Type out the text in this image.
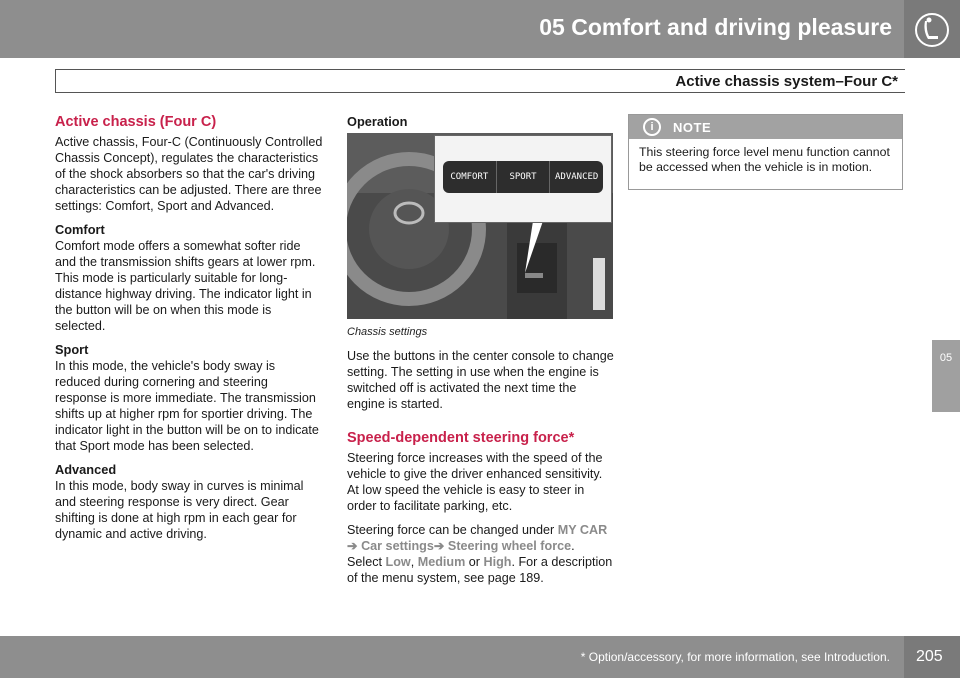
05 Comfort and driving pleasure
Active chassis system–Four C*
05
Active chassis (Four C)

Active chassis, Four-C (Continuously Controlled Chassis Concept), regulates the characteristics of the shock absorbers so that the car's driving characteristics can be adjusted. There are three settings: Comfort, Sport and Advanced.

Comfort

Comfort mode offers a somewhat softer ride and the transmission shifts gears at lower rpm. This mode is particularly suitable for long-distance highway driving. The indicator light in the button will be on when this mode is selected.

Sport

In this mode, the vehicle's body sway is reduced during cornering and steering response is more immediate. The transmission shifts up at higher rpm for sportier driving. The indicator light in the button will be on to indicate that Sport mode has been selected.

Advanced

In this mode, body sway in curves is minimal and steering response is very direct. Gear shifting is done at high rpm in each gear for dynamic and active driving.

Operation
Chassis settings

Use the buttons in the center console to change setting. The setting in use when the engine is switched off is activated the next time the engine is started.

Speed-dependent steering force*

Steering force increases with the speed of the vehicle to give the driver enhanced sensitivity. At low speed the vehicle is easy to steer in order to facilitate parking, etc.

Steering force can be changed under MY CAR
➔ Car settings➔ Steering wheel force.
Select Low, Medium or High. For a description of the menu system, see page 189.

COMFORT	SPORT	ADVANCED
i	NOTE
This steering force level menu function cannot be accessed when the vehicle is in motion.
* Option/accessory, for more information, see Introduction. 205
